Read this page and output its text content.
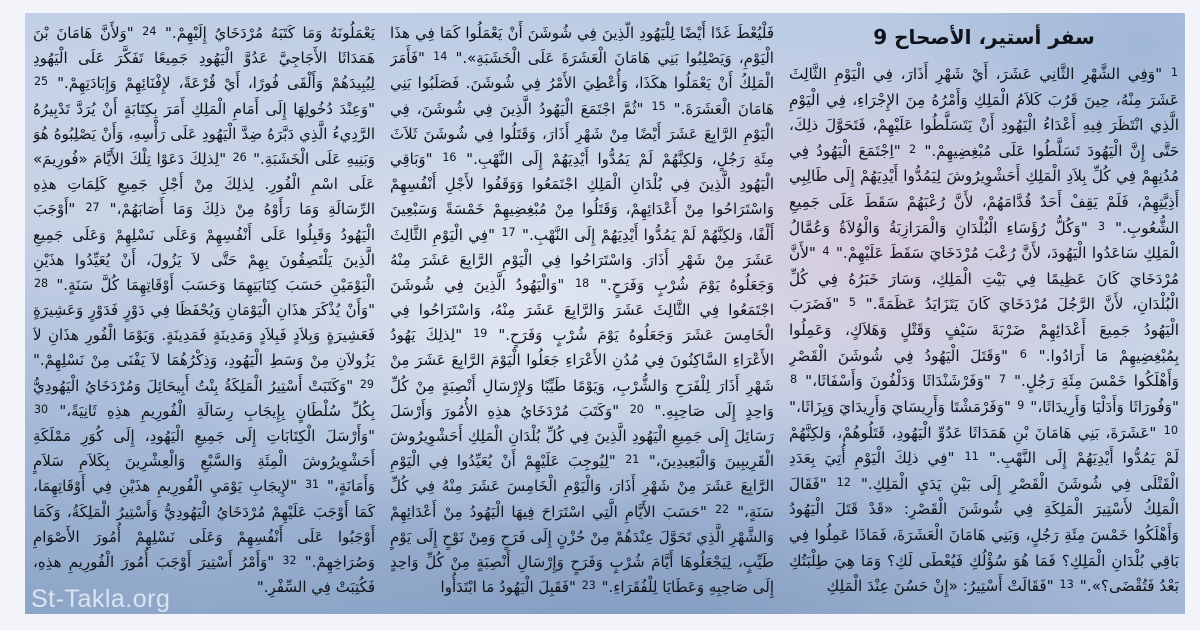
سفر أستير، الأصحاح 9
1 "وَفِي الشَّهْرِ الثَّانِي عَشَرَ، أَيْ شَهْرِ أَذَارَ، فِي الْيَوْمِ الثَّالِثَ عَشَرَ مِنْهُ، حِينَ قَرُبَ كَلاَمُ الْمَلِكِ وَأَمْرُهُ مِنَ الإِجْرَاءِ، فِي الْيَوْمِ الَّذِي انْتَظَرَ فِيهِ أَعْدَاءُ الْيَهُودِ أَنْ يَتَسَلَّطُوا عَلَيْهِمْ، فَتَحَوَّلَ ذلِكَ، حَتَّى إِنَّ الْيَهُودَ تَسَلَّطُوا عَلَى مُبْغِضِيهِمْ." 2 "اِجْتَمَعَ الْيَهُودُ فِي مُدُنِهِمْ فِي كُلِّ بِلاَدِ الْمَلِكِ أَحَشْوِيرُوشَ لِيَمُدُّوا أَيْدِيَهُمْ إِلَى طَالِبِي أَذِيَّتِهِمْ، فَلَمْ يَقِفْ أَحَدٌ قُدَّامَهُمْ، لأَنَّ رُعْبَهُمْ سَقَطَ عَلَى جَمِيعِ الشُّعُوبِ." 3 "وَكُلُّ رُؤَسَاءِ الْبُلْدَانِ وَالْمَرَازِبَةُ وَالْوُلاَةُ وَعُمَّالُ الْمَلِكِ سَاعَدُوا الْيَهُودَ، لأَنَّ رُعْبَ مُرْدَخَايَ سَقَطَ عَلَيْهِمْ." 4 "لأَنَّ مُرْدَخَايَ كَانَ عَظِيمًا فِي بَيْتِ الْمَلِكِ، وَسَارَ خَبَرُهُ فِي كُلِّ الْبُلْدَانِ، لأَنَّ الرَّجُلَ مُرْدَخَايَ كَانَ يَتَزَايَدُ عَظَمَةً." 5 "فَضَرَبَ الْيَهُودُ جَمِيعَ أَعْدَائِهِمْ ضَرْبَةَ سَيْفٍ وَقَتْلٍ وَهَلاَكٍ، وَعَمِلُوا بِمُبْغِضِيهِمْ مَا أَرَادُوا." 6 "وَقَتَلَ الْيَهُودُ فِي شُوشَنَ الْقَصْرِ وَأَهْلَكُوا خَمْسَ مِئَةِ رَجُلٍ." 7 "وَفَرْشَنْدَاثَا وَدَلْفُونَ وَأَسْفَاثَا،" 8 "وَفُورَاثَا وَأَدَلْيَا وَأَرِيدَاثَا،" 9 "وَفَرْمَشْتَا وَأَرِيسَايَ وَأَرِيدَايَ وَيِزَاثَا،" 10 "عَشَرَةَ، بَنِي هَامَانَ بْنِ هَمَدَاثَا عَدُوِّ الْيَهُودِ، قَتَلُوهُمْ، وَلكِنَّهُمْ لَمْ يَمُدُّوا أَيْدِيَهُمْ إِلَى النَّهْبِ." 11 "فِي ذلِكَ الْيَوْمِ أُتِيَ بِعَدَدِ الْقَتْلَى فِي شُوشَنَ الْقَصْرِ إِلَى بَيْنِ يَدَيِ الْمَلِكِ." 12 "فَقَالَ الْمَلِكُ لأَسْتِيرَ الْمَلِكَةِ فِي شُوشَنَ الْقَصْرِ: «قَدْ قَتَلَ الْيَهُودُ وَأَهْلَكُوا خَمْسَ مِئَةِ رَجُلٍ، وَبَنِي هَامَانَ الْعَشَرَةَ، فَمَاذَا عَمِلُوا فِي بَاقِي بُلْدَانِ الْمَلِكِ؟ فَمَا هُوَ سُؤْلُكِ فَيُعْطَى لَكِ؟ وَمَا هِيَ طِلْبَتُكِ بَعْدُ فَتُقْضَى؟»." 13 "فَقَالَتْ أَسْتِيرُ: «إِنْ حَسُنَ عِنْدَ الْمَلِكِ
فَلْيُعْطَ غَدًا أَيْضًا لِلْيَهُودِ الَّذِينَ فِي شُوشَنَ أَنْ يَعْمَلُوا كَمَا فِي هذَا الْيَوْمِ، وَيَصْلِبُوا بَنِي هَامَانَ الْعَشَرَةَ عَلَى الْخَشَبَةِ»." 14 "فَأَمَرَ الْمَلِكُ أَنْ يَعْمَلُوا هكَذَا، وَأُعْطِيَ الأَمْرُ فِي شُوشَنَ. فَصَلَبُوا بَنِي هَامَانَ الْعَشَرَةَ." 15 "ثُمَّ اجْتَمَعَ الْيَهُودُ الَّذِينَ فِي شُوشَنَ، فِي الْيَوْمِ الرَّابِعَ عَشَرَ أَيْضًا مِنْ شَهْرِ أَذَارَ، وَقَتَلُوا فِي شُوشَنَ ثَلاَثَ مِئَةِ رَجُلٍ، وَلكِنَّهُمْ لَمْ يَمُدُّوا أَيْدِيَهُمْ إِلَى النَّهْبِ." 16 "وَبَاقِي الْيَهُودِ الَّذِينَ فِي بُلْدَانِ الْمَلِكِ اجْتَمَعُوا وَوَقَفُوا لأَجْلِ أَنْفُسِهِمْ وَاسْتَرَاحُوا مِنْ أَعْدَائِهِمْ، وَقَتَلُوا مِنْ مُبْغِضِيهِمْ خَمْسَةً وَسَبْعِينَ أَلْفًا، وَلكِنَّهُمْ لَمْ يَمُدُّوا أَيْدِيَهُمْ إِلَى النَّهْبِ." 17 "فِي الْيَوْمِ الثَّالِثَ عَشَرَ مِنْ شَهْرِ أَذَارَ. وَاسْتَرَاحُوا فِي الْيَوْمِ الرَّابِعَ عَشَرَ مِنْهُ وَجَعَلُوهُ يَوْمَ شُرْبٍ وَفَرَحٍ." 18 "وَالْيَهُودُ الَّذِينَ فِي شُوشَنَ اجْتَمَعُوا فِي الثَّالِثَ عَشَرَ وَالرَّابِعَ عَشَرَ مِنْهُ، وَاسْتَرَاحُوا فِي الْخَامِسَ عَشَرَ وَجَعَلُوهُ يَوْمَ شُرْبٍ وَفَرَحٍ." 19 "لِذلِكَ يَهُودُ الأَعْرَاءِ السَّاكِنُونَ فِي مُدُنِ الأَعْرَاءِ جَعَلُوا الْيَوْمَ الرَّابِعَ عَشَرَ مِنْ شَهْرِ أَذَارَ لِلْفَرَحِ وَالشُّرْبِ، وَيَوْمًا طَيِّبًا وَلإِرْسَالِ أَنْصِبَةٍ مِنْ كُلِّ وَاحِدٍ إِلَى صَاحِبِهِ." 20 "وَكَتَبَ مُرْدَخَايُ هذِهِ الأُمُورَ وَأَرْسَلَ رَسَائِلَ إِلَى جَمِيعِ الْيَهُودِ الَّذِينَ فِي كُلِّ بُلْدَانِ الْمَلِكِ أَحَشْوِيرُوشَ الْقَرِيبِينَ وَالْبَعِيدِينَ،" 21 "لِيُوجِبَ عَلَيْهِمْ أَنْ يُعَيِّدُوا فِي الْيَوْمِ الرَّابِعَ عَشَرَ مِنْ شَهْرِ أَذَارَ، وَالْيَوْمِ الْخَامِسَ عَشَرَ مِنْهُ فِي كُلِّ سَنَةٍ،" 22 "حَسَبَ الأَيَّامِ الَّتِي اسْتَرَاحَ فِيهَا الْيَهُودُ مِنْ أَعْدَائِهِمْ وَالشَّهْرِ الَّذِي تَحَوَّلَ عِنْدَهُمْ مِنْ حُزْنٍ إِلَى فَرَحٍ وَمِنْ نَوْحٍ إِلَى يَوْمٍ طَيِّبٍ، لِيَجْعَلُوهَا أَيَّامَ شُرْبٍ وَفَرَحٍ وَإِرْسَالِ أَنْصِبَةٍ مِنْ كُلِّ وَاحِدٍ إِلَى صَاحِبِهِ وَعَطَايَا لِلْفُقَرَاءِ." 23 "فَقَبِلَ الْيَهُودُ مَا ابْتَدَأُوا
يَعْمَلُونَهُ وَمَا كَتَبَهُ مُرْدَخَايُ إِلَيْهِمْ." 24 "وَلأَنَّ هَامَانَ بْنَ هَمَدَاثَا الأَجَاجِيَّ عَدُوَّ الْيَهُودِ جَمِيعًا تَفَكَّرَ عَلَى الْيَهُودِ لِيُبِيدَهُمْ وَأَلْقَى فُورًا، أَيْ قُرْعَةً، لإِفْنَائِهِمْ وَإِبَادَتِهِمْ." 25 "وَعِنْدَ دُخُولِهَا إِلَى أَمَامِ الْمَلِكِ أَمَرَ بِكِتَابَةٍ أَنْ يُرَدَّ تَدْبِيرُهُ الرَّدِيءُ الَّذِي دَبَّرَهُ ضِدَّ الْيَهُودِ عَلَى رَأْسِهِ، وَأَنْ يَصْلِبُوهُ هُوَ وَبَنِيهِ عَلَى الْخَشَبَةِ." 26 "لِذلِكَ دَعَوْا تِلْكَ الأَيَّامَ «فُورِيمَ» عَلَى اسْمِ الْفُورِ. لِذلِكَ مِنْ أَجْلِ جَمِيعِ كَلِمَاتِ هذِهِ الرِّسَالَةِ وَمَا رَأَوْهُ مِنْ ذلِكَ وَمَا أَصَابَهُمْ،" 27 "أَوْجَبَ الْيَهُودُ وَقَبِلُوا عَلَى أَنْفُسِهِمْ وَعَلَى نَسْلِهِمْ وَعَلَى جَمِيعِ الَّذِينَ يَلْتَصِقُونَ بِهِمْ حَتَّى لاَ يَزُولَ، أَنْ يُعَيِّدُوا هذَيْنِ الْيَوْمَيْنِ حَسَبَ كِتَابَتِهِمَا وَحَسَبَ أَوْقَاتِهِمَا كُلَّ سَنَةٍ." 28 "وَأَنْ يُذْكَرَ هذَانِ الْيَوْمَانِ وَيُحْفَظَا فِي دَوْرٍ فَدَوْرٍ وَعَشِيرَةٍ فَعَشِيرَةٍ وَبِلاَدٍ فَبِلاَدٍ وَمَدِينَةٍ فَمَدِينَةٍ. وَيَوْمَا الْفُورِ هذَانِ لاَ يَزُولاَنِ مِنْ وَسَطِ الْيَهُودِ، وَذِكْرُهُمَا لاَ يَفْنَى مِنْ نَسْلِهِمْ." 29 "وَكَتَبَتْ أَسْتِيرُ الْمَلِكَةُ بِنْتُ أَبِيحَائِلَ وَمُرْدَخَايُ الْيَهُودِيُّ بِكُلِّ سُلْطَانٍ بِإِيجَابِ رِسَالَةِ الْفُورِيمِ هذِهِ ثَانِيَةً،" 30 "وَأَرْسَلَ الْكِتَابَاتِ إِلَى جَمِيعِ الْيَهُودِ، إِلَى كُوَرِ مَمْلَكَةِ أَحَشْوِيرُوشَ الْمِئَةِ وَالسَّبْعِ وَالْعِشْرِينَ بِكَلاَمِ سَلاَمٍ وَأَمَانَةٍ،" 31 "لإِيجَابِ يَوْمَيِ الْفُورِيمِ هذَيْنِ فِي أَوْقَاتِهِمَا، كَمَا أَوْجَبَ عَلَيْهِمْ مُرْدَخَايُ الْيَهُودِيُّ وَأَسْتِيرُ الْمَلِكَةُ، وَكَمَا أَوْجَبُوا عَلَى أَنْفُسِهِمْ وَعَلَى نَسْلِهِمْ أُمُورَ الأَصْوَامِ وَصُرَاخِهِمْ." 32 "وَأَمْرُ أَسْتِيرَ أَوْجَبَ أُمُورَ الْفُورِيمِ هذِهِ، فَكُتِبَتْ فِي السِّفْرِ."
St-Takla.org
